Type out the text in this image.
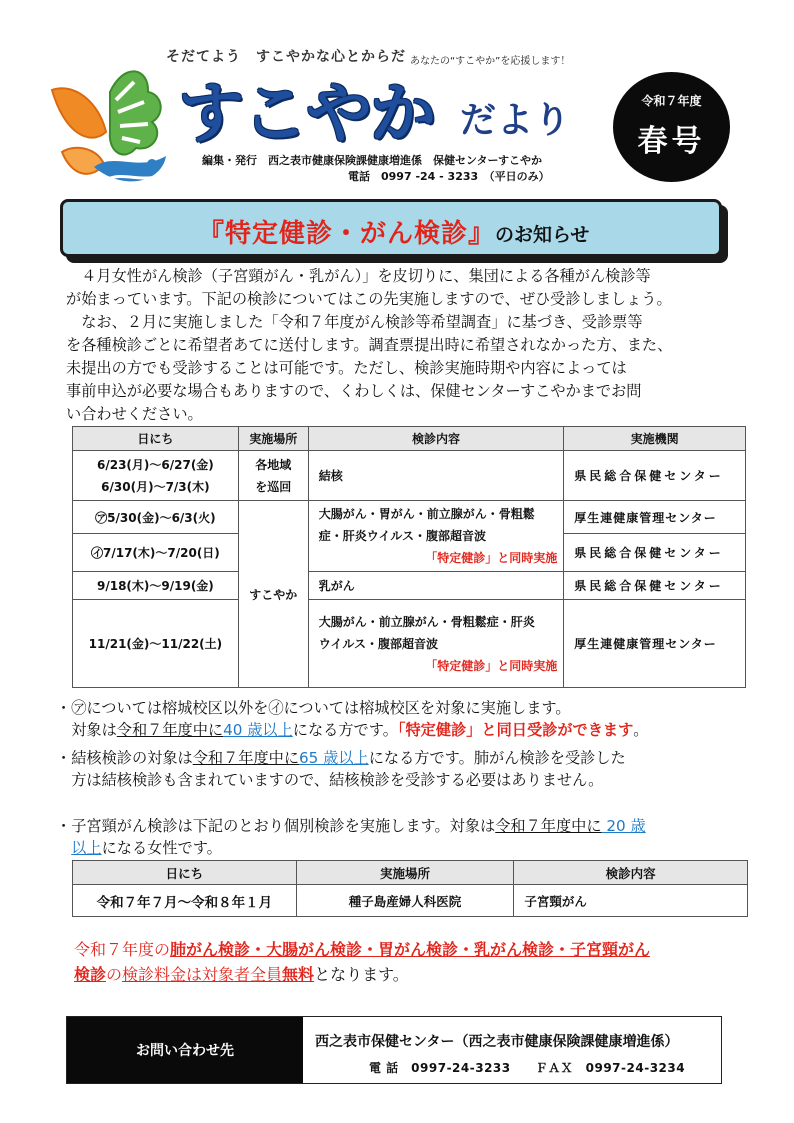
そだてよう　すこやかな心とからだ あなたの“すこやか”を応援します！
すこやか だより	令和７年度
春号
編集・発行　西之表市健康保険課健康増進係　保健センターすこやか
電話　0997 -24 - 3233　（平日のみ）
『特定健診・がん検診』 のお知らせ

　４月女性がん検診（子宮頸がん・乳がん）」を皮切りに、集団による各種がん検診等

が始まっています。下記の検診についてはこの先実施しますので、ぜひ受診しましょう。

　なお、２月に実施しました「令和７年度がん検診等希望調査」に基づき、受診票等

を各種検診ごとに希望者あてに送付します。調査票提出時に希望されなかった方、また、

未提出の方でも受診することは可能です。ただし、検診実施時期や内容によっては

事前申込が必要な場合もありますので、くわしくは、保健センターすこやかまでお問

い合わせください。

日にち	実施場所	検診内容	実施機関

6/23(月)～6/27(金)
6/30(月)～7/3(木)	各地域
を巡回	結核	県民総合保健センター
㋐5/30(金)～6/3(火)	すこやか	大腸がん・胃がん・前立腺がん・骨粗鬆
症・肝炎ウイルス・腹部超音波
「特定健診」と同時実施	厚生連健康管理センター
㋑7/17(木)～7/20(日)			県民総合保健センター
9/18(木)～9/19(金)		乳がん	県民総合保健センター
11/21(金)～11/22(土)		大腸がん・前立腺がん・骨粗鬆症・肝炎
ウイルス・腹部超音波
「特定健診」と同時実施	厚生連健康管理センター
・㋐については榕城校区以外を㋑については榕城校区を対象に実施します。
　対象は令和７年度中に40 歳以上になる方です。「特定健診」と同日受診ができます。
・結核検診の対象は令和７年度中に65 歳以上になる方です。肺がん検診を受診した
　方は結核検診も含まれていますので、結核検診を受診する必要はありません。
・子宮頸がん検診は下記のとおり個別検診を実施します。対象は令和７年度中に 20 歳
　以上になる女性です。
日にち	実施場所	検診内容
令和７年７月～令和８年１月	種子島産婦人科医院	子宮頸がん
令和７年度の肺がん検診・大腸がん検診・胃がん検診・乳がん検診・子宮頸がん
検診の検診料金は対象者全員無料となります。
お問い合わせ先
西之表市保健センター（西之表市健康保険課健康増進係）
電 話　0997-24-3233　　ＦＡＸ　0997-24-3234
